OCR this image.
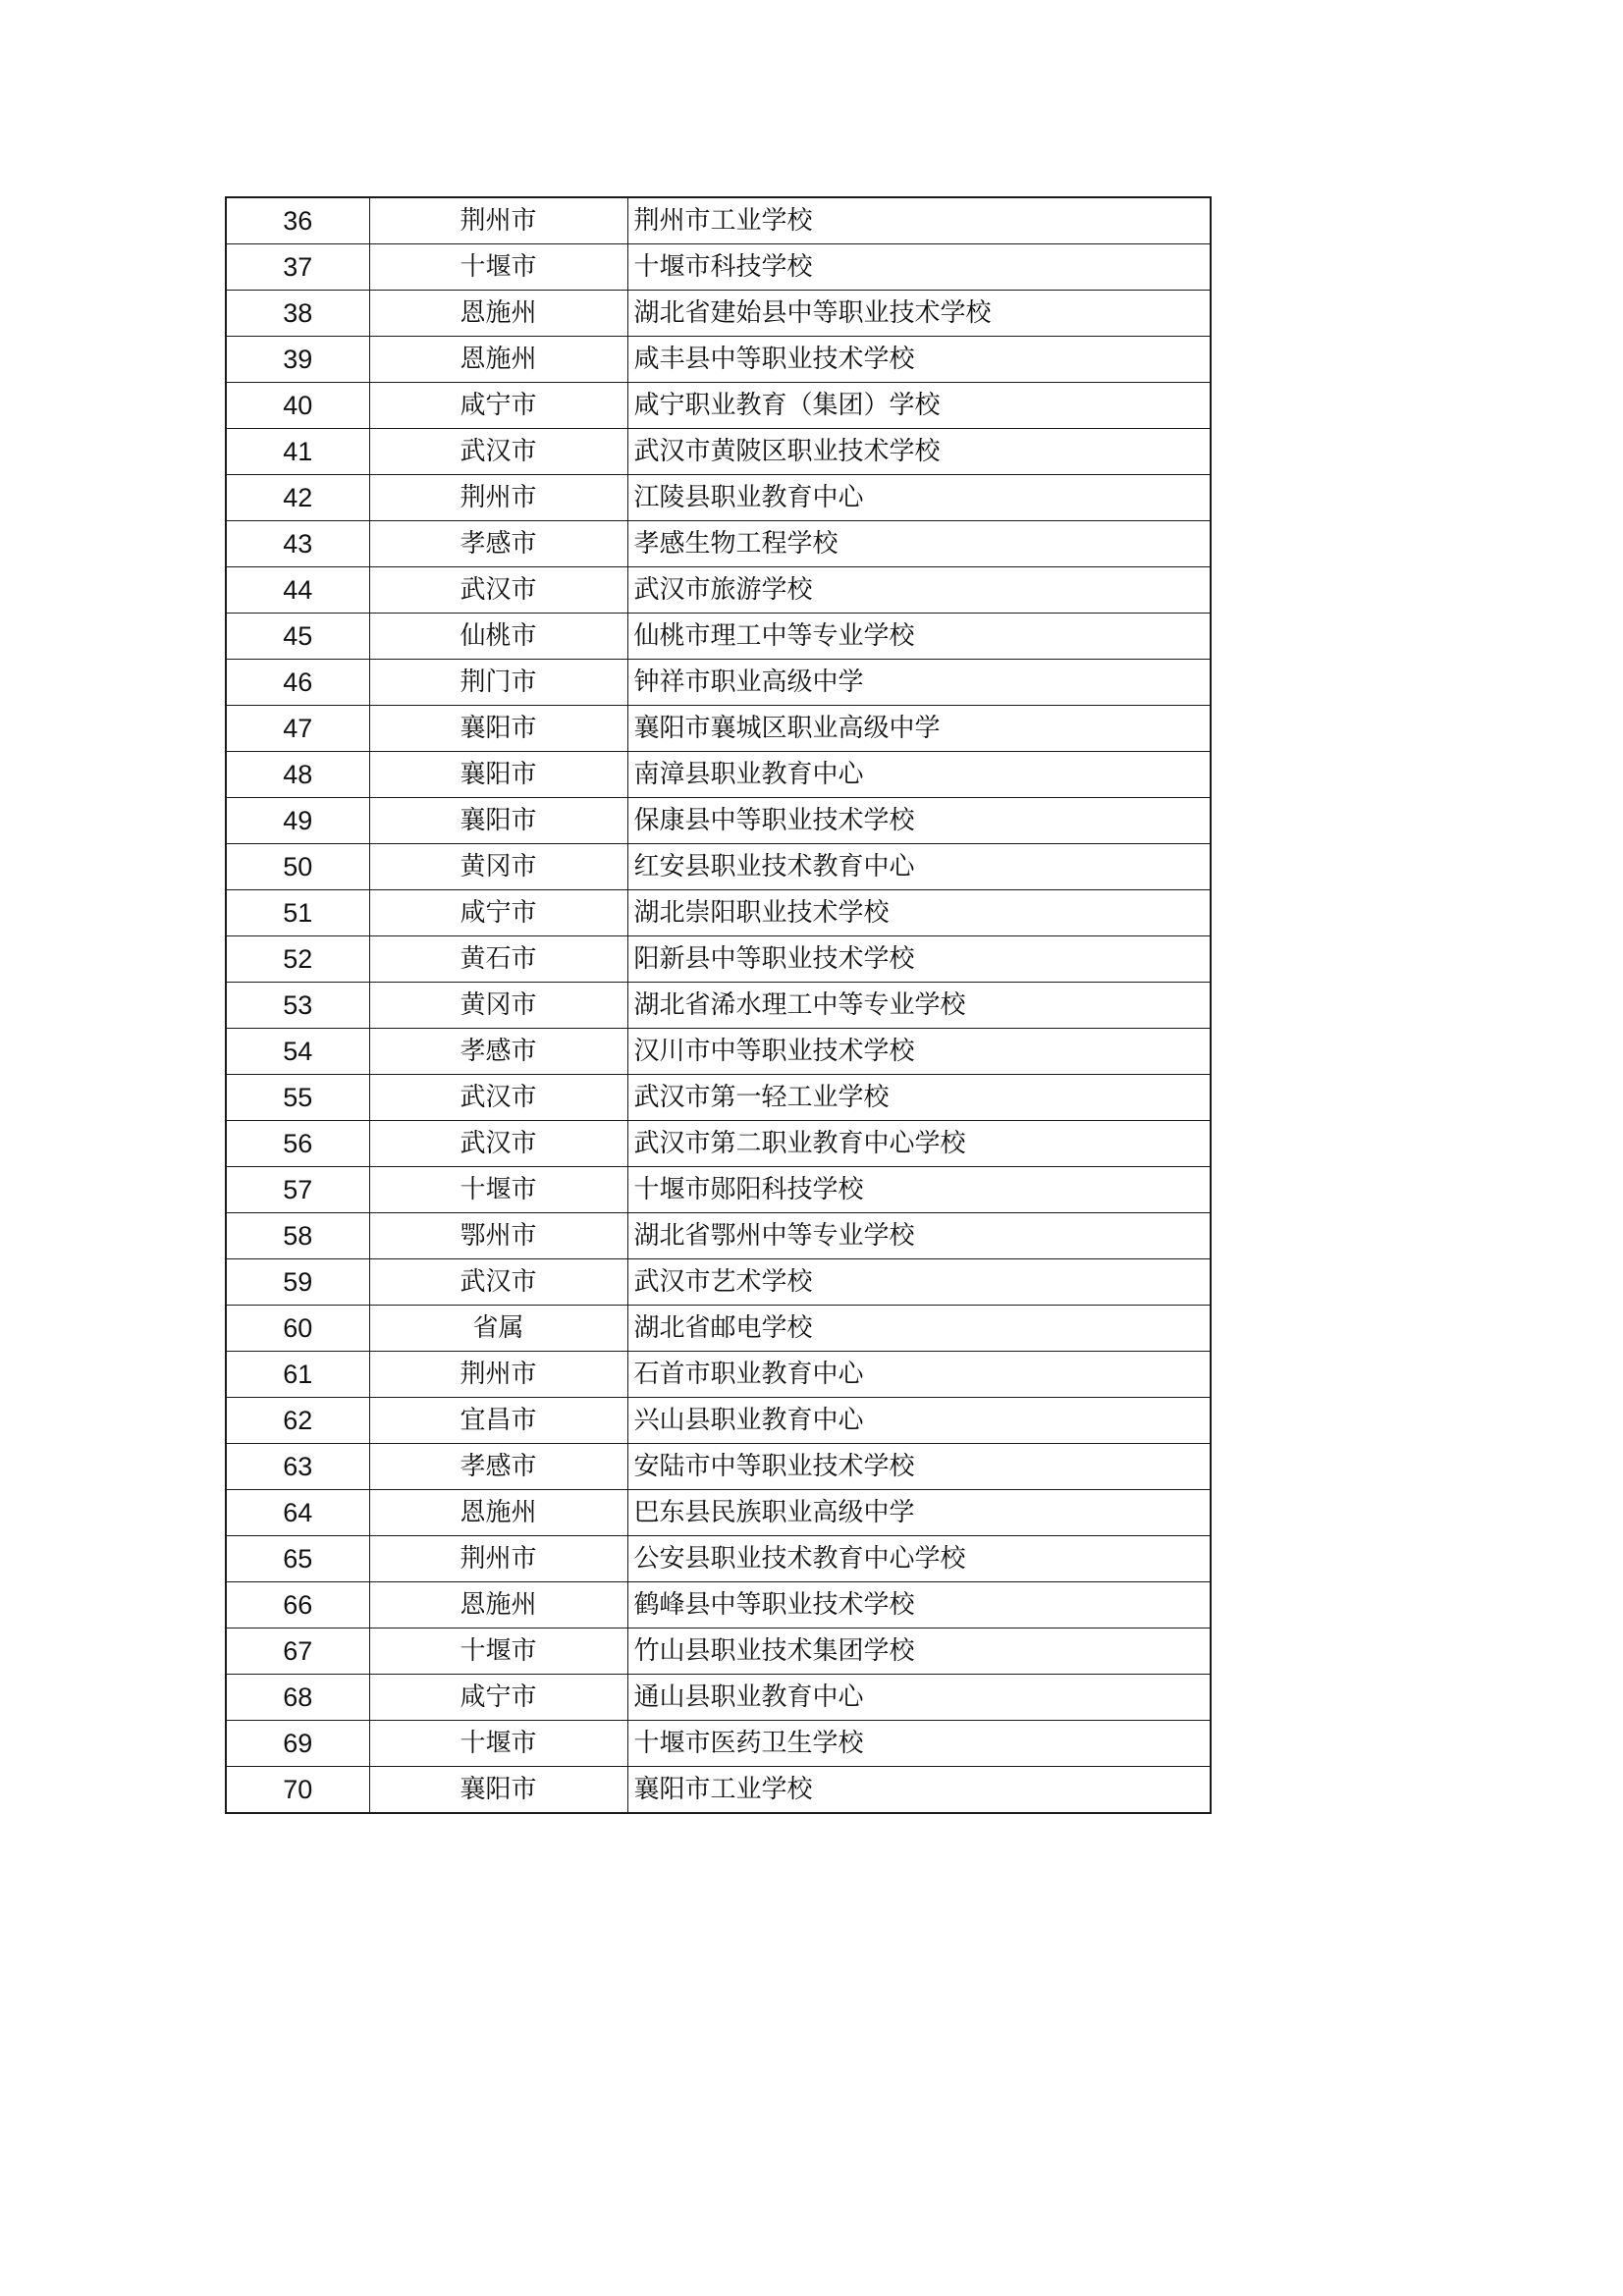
36	荆州市	荆州市工业学校
37	十堰市	十堰市科技学校
38	恩施州	湖北省建始县中等职业技术学校
39	恩施州	咸丰县中等职业技术学校
40	咸宁市	咸宁职业教育（集团）学校
41	武汉市	武汉市黄陂区职业技术学校
42	荆州市	江陵县职业教育中心
43	孝感市	孝感生物工程学校
44	武汉市	武汉市旅游学校
45	仙桃市	仙桃市理工中等专业学校
46	荆门市	钟祥市职业高级中学
47	襄阳市	襄阳市襄城区职业高级中学
48	襄阳市	南漳县职业教育中心
49	襄阳市	保康县中等职业技术学校
50	黄冈市	红安县职业技术教育中心
51	咸宁市	湖北崇阳职业技术学校
52	黄石市	阳新县中等职业技术学校
53	黄冈市	湖北省浠水理工中等专业学校
54	孝感市	汉川市中等职业技术学校
55	武汉市	武汉市第一轻工业学校
56	武汉市	武汉市第二职业教育中心学校
57	十堰市	十堰市郧阳科技学校
58	鄂州市	湖北省鄂州中等专业学校
59	武汉市	武汉市艺术学校
60	省属	湖北省邮电学校
61	荆州市	石首市职业教育中心
62	宜昌市	兴山县职业教育中心
63	孝感市	安陆市中等职业技术学校
64	恩施州	巴东县民族职业高级中学
65	荆州市	公安县职业技术教育中心学校
66	恩施州	鹤峰县中等职业技术学校
67	十堰市	竹山县职业技术集团学校
68	咸宁市	通山县职业教育中心
69	十堰市	十堰市医药卫生学校
70	襄阳市	襄阳市工业学校
